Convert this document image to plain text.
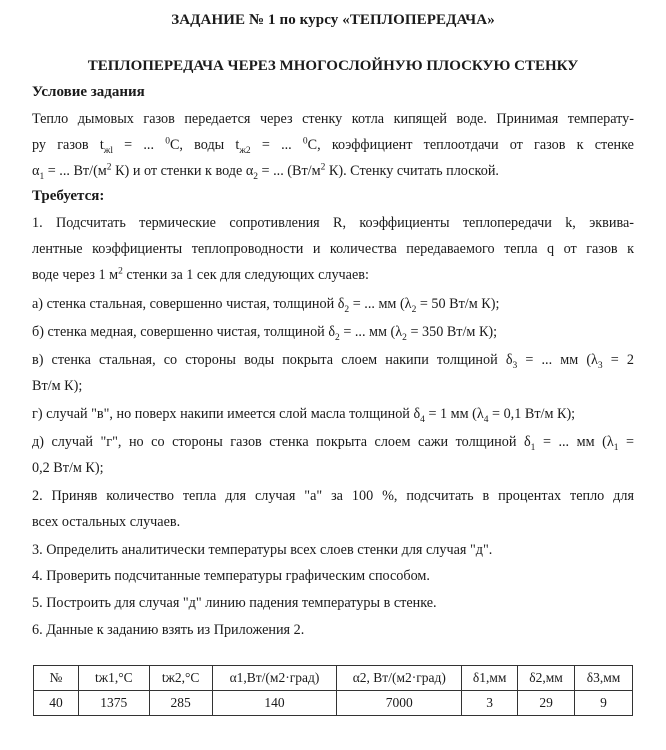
ЗАДАНИЕ № 1 по курсу «ТЕПЛОПЕРЕДАЧА»
ТЕПЛОПЕРЕДАЧА ЧЕРЕЗ МНОГОСЛОЙНУЮ ПЛОСКУЮ СТЕНКУ
Условие задания
Тепло дымовых газов передается через стенку котла кипящей воде. Принимая температу-
ру газов $t_{жl}$ = ... $^0$С, воды $t_{ж2}$ = ... $^0$С, коэффициент теплоотдачи от газов к стенке
$\alpha_1$ = ... $Вт/(м^2$ К) и от стенки к воде $\alpha_2$ = ... ($Вт/м^2$ К). Стенку считать плоской.
Требуется:
1. Подсчитать термические сопротивления R, коэффициенты теплопередачи k, эквива-
лентные коэффициенты теплопроводности и количества передаваемого тепла q от газов к
воде через 1 $м^2$ стенки за 1 сек для следующих случаев:
а) стенка стальная, совершенно чистая, толщиной $\delta_2$ = ... мм ($\lambda_2 = 50$ Вт/м К);
б) стенка медная, совершенно чистая, толщиной $\delta_2$ = ... мм ($\lambda_2 = 350$ Вт/м К);
в) стенка стальная, со стороны воды покрыта слоем накипи толщиной $\delta_3$ = ... мм ($\lambda_3 = 2$
Вт/м К);
г) случай "в", но поверх накипи имеется слой масла толщиной $\delta_4 = 1$ мм ($\lambda_4 = 0,1$ Вт/м К);
д) случай "г", но со стороны газов стенка покрыта слоем сажи толщиной $\delta_1$ = ... мм ($\lambda_1$ =
0,2 Вт/м К);
2. Приняв количество тепла для случая "а" за 100 %, подсчитать в процентах тепло для
всех остальных случаев.
3. Определить аналитически температуры всех слоев стенки для случая "д".
4. Проверить подсчитанные температуры графическим способом.
5. Построить для случая "д" линию падения температуры в стенке.
6. Данные к заданию взять из Приложения 2.
№	tж1,°С	tж2,°С	α1,Вт/(м2·град)	α2, Вт/(м2·град)	δ1,мм	δ2,мм	δ3,мм
40	1375	285	140	7000	3	29	9
